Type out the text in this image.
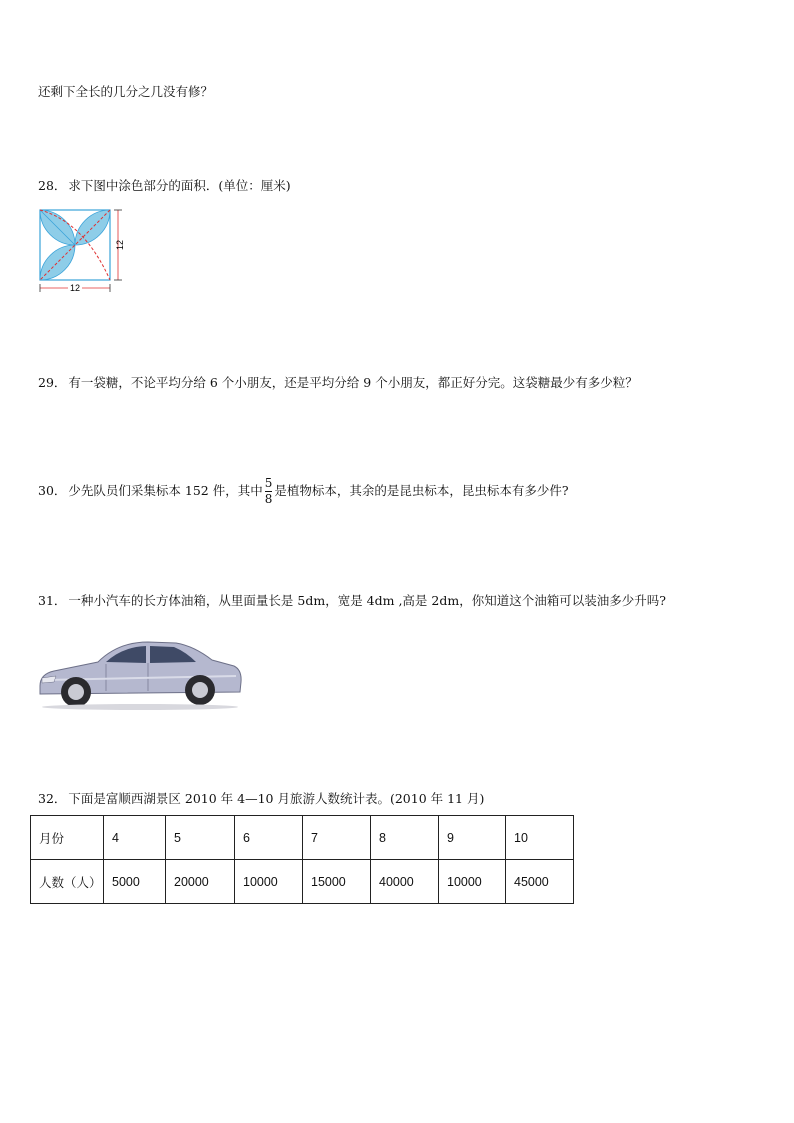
还剩下全长的几分之几没有修？
28． 求下图中涂色部分的面积．(单位：厘米)
12
12
29． 有一袋糖，不论平均分给 6 个小朋友，还是平均分给 9 个小朋友，都正好分完。这袋糖最少有多少粒？
30． 少先队员们采集标本 152 件，其中 $\frac{5}{8}$ 是植物标本，其余的是昆虫标本，昆虫标本有多少件?
31． 一种小汽车的长方体油箱，从里面量长是 5dm，宽是 4dm ,高是 2dm，你知道这个油箱可以装油多少升吗?
32． 下面是富顺西湖景区 2010 年 4—10 月旅游人数统计表。(2010 年 11 月)
月份	4	5	6	7	8	9	10
人数（人）	5000	20000	10000	15000	40000	10000	45000
